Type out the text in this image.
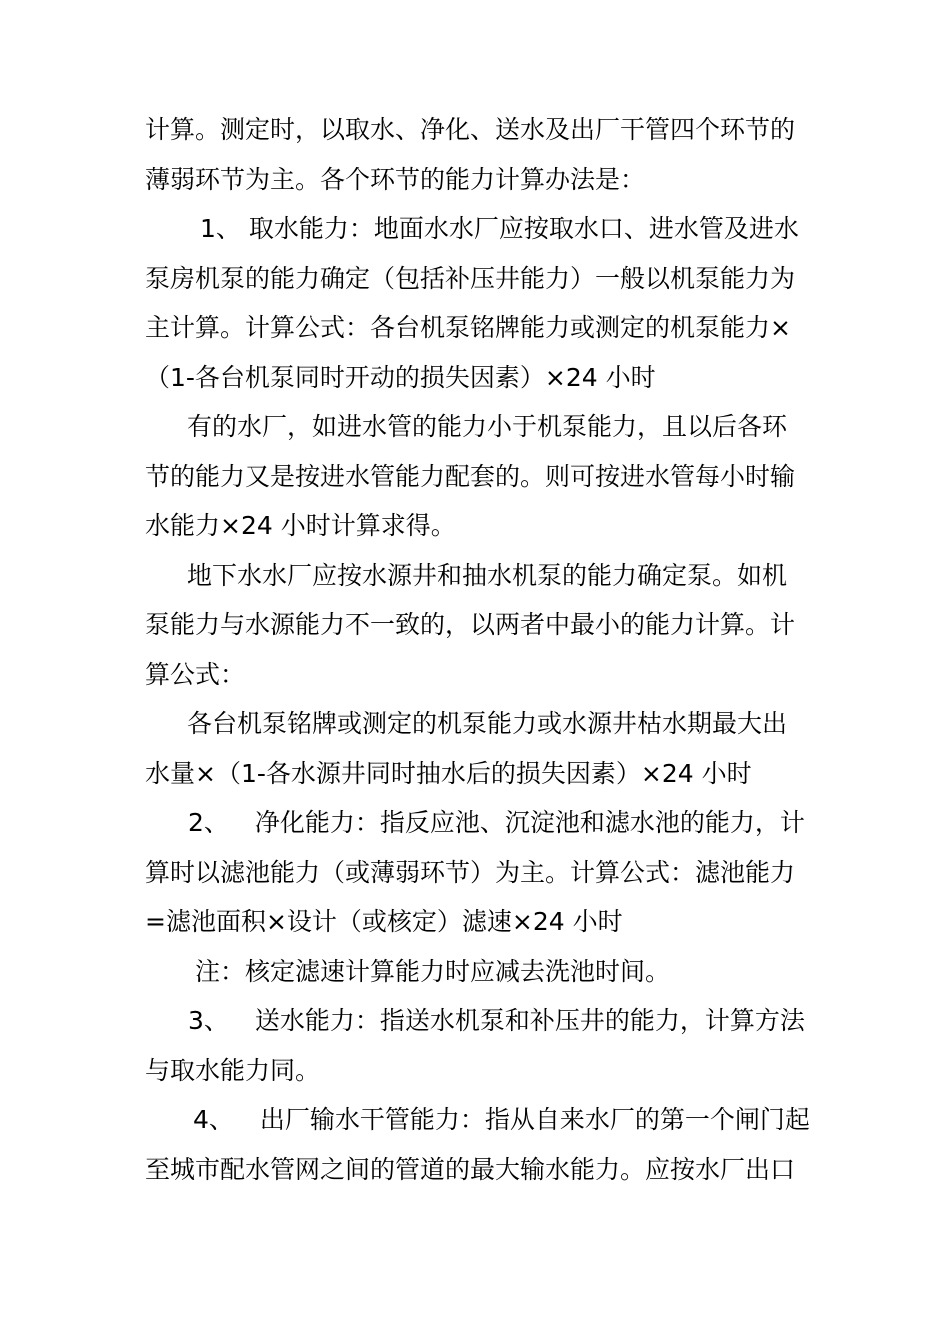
计算。测定时，以取水、净化、送水及出厂干管四个环节的
薄弱环节为主。各个环节的能力计算办法是：
1、 取水能力：地面水水厂应按取水口、进水管及进水
泵房机泵的能力确定（包括补压井能力）一般以机泵能力为
主计算。计算公式：各台机泵铭牌能力或测定的机泵能力×
（1-各台机泵同时开动的损失因素）×24 小时
有的水厂，如进水管的能力小于机泵能力，且以后各环
节的能力又是按进水管能力配套的。则可按进水管每小时输
水能力×24 小时计算求得。
地下水水厂应按水源井和抽水机泵的能力确定泵。如机
泵能力与水源能力不一致的，以两者中最小的能力计算。计
算公式：
各台机泵铭牌或测定的机泵能力或水源井枯水期最大出
水量×（1-各水源井同时抽水后的损失因素）×24 小时
2、 净化能力：指反应池、沉淀池和滤水池的能力，计
算时以滤池能力（或薄弱环节）为主。计算公式：滤池能力
=滤池面积×设计（或核定）滤速×24 小时
注：核定滤速计算能力时应减去洗池时间。
3、 送水能力：指送水机泵和补压井的能力，计算方法
与取水能力同。
4、 出厂输水干管能力：指从自来水厂的第一个闸门起
至城市配水管网之间的管道的最大输水能力。应按水厂出口
